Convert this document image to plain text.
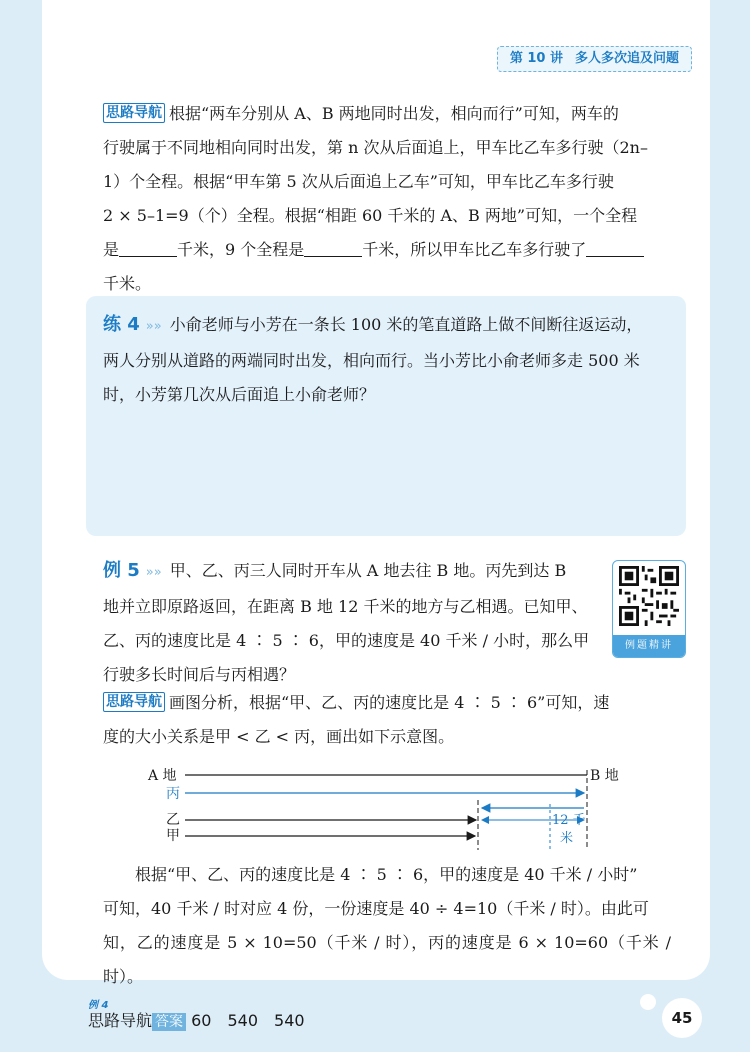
第 10 讲 多人多次追及问题
思路导航 根据“两车分别从 A、B 两地同时出发，相向而行”可知，两车的
行驶属于不同地相向同时出发，第 n 次从后面追上，甲车比乙车多行驶（2n–
1）个全程。根据“甲车第 5 次从后面追上乙车”可知，甲车比乙车多行驶
2 × 5–1=9（个）全程。根据“相距 60 千米的 A、B 两地”可知，一个全程
是	千米，9 个全程是	千米，所以甲车比乙车多行驶了
千米。
练 4 »» 小俞老师与小芳在一条长 100 米的笔直道路上做不间断往返运动，
两人分别从道路的两端同时出发，相向而行。当小芳比小俞老师多走 500 米
时，小芳第几次从后面追上小俞老师？
例 5 »» 甲、乙、丙三人同时开车从 A 地去往 B 地。丙先到达 B
地并立即原路返回，在距离 B 地 12 千米的地方与乙相遇。已知甲、
乙、丙的速度比是 4 ∶ 5 ∶ 6，甲的速度是 40 千米 / 小时，那么甲
行驶多长时间后与丙相遇？
例题精讲
思路导航 画图分析，根据“甲、乙、丙的速度比是 4 ∶ 5 ∶ 6”可知，速
度的大小关系是甲 < 乙 < 丙，画出如下示意图。
A 地	B 地
丙
12 千
米
乙
甲
根据“甲、乙、丙的速度比是 4 ∶ 5 ∶ 6，甲的速度是 40 千米 / 小时”
可知，40 千米 / 时对应 4 份，一份速度是 40 ÷ 4=10（千米 / 时）。由此可
知，乙的速度是 5 × 10=50（千米 / 时），丙的速度是 6 × 10=60（千米 / 时）。
例 4
思路导航 答案 60　540　540	45
